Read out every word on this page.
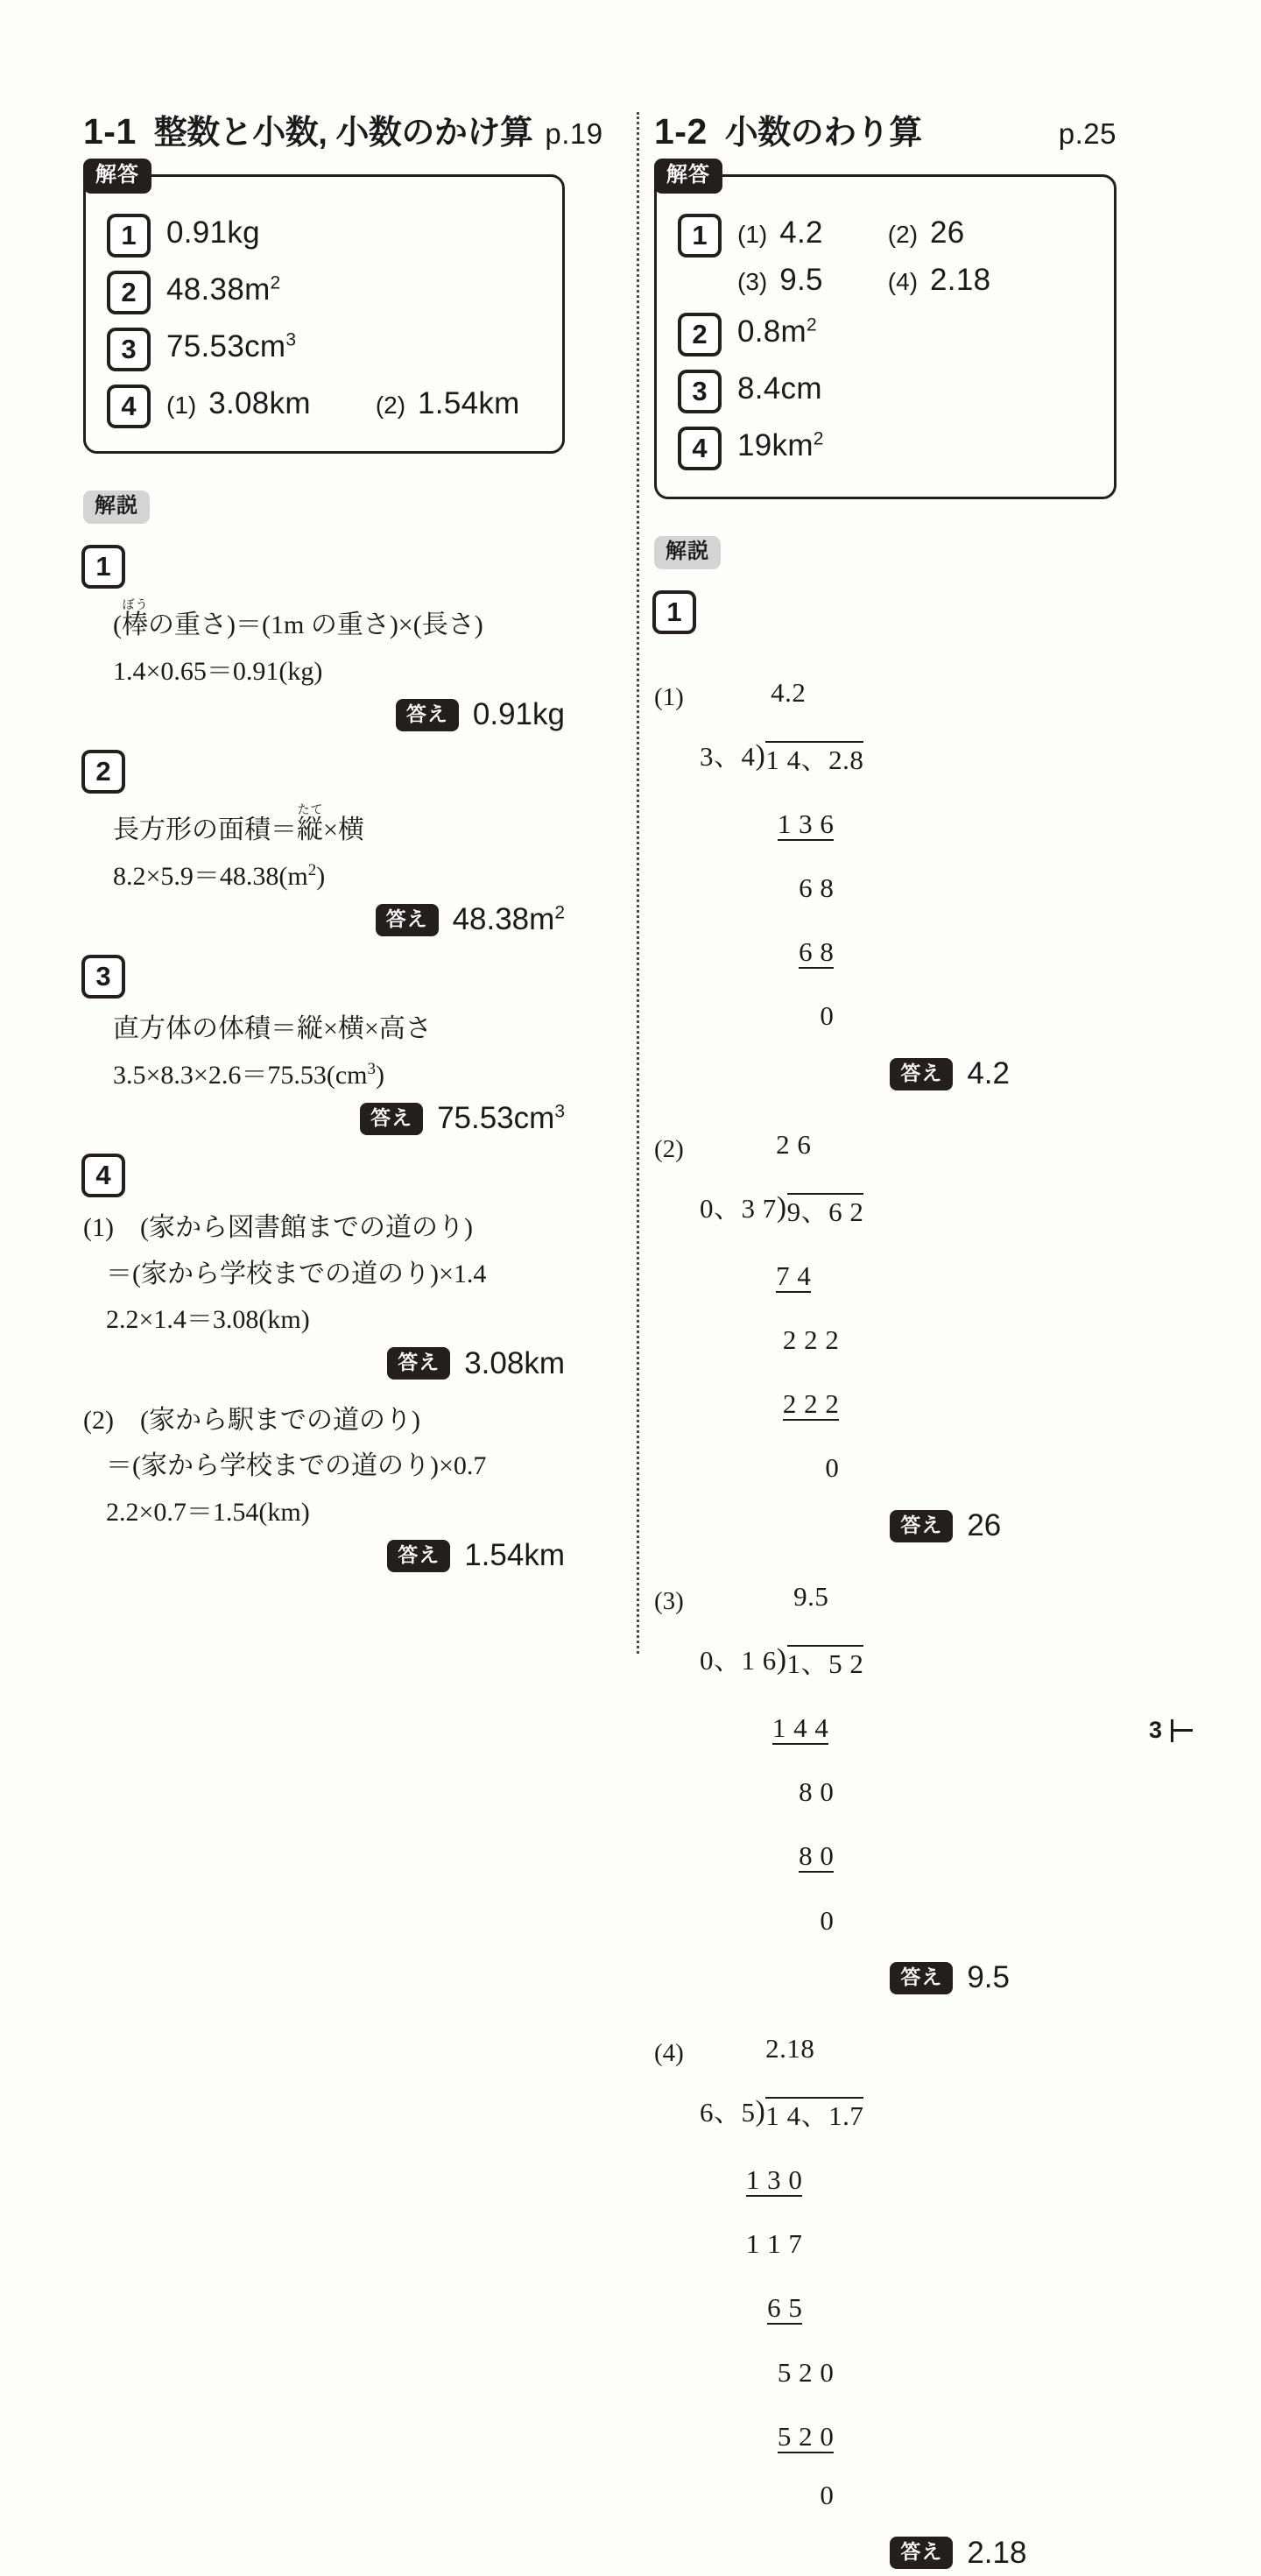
1-1 整数と小数, 小数のかけ算 p.19
解答
1 0.91kg
2 $48.38m^2$
3 $75.53cm^3$
4	(1) 3.08km	(2) 1.54km
解説
1
(棒ぼうの重さ)＝(1m の重さ)×(長さ)
1.4×0.65＝0.91(kg)
答え 0.91kg
2
長方形の面積＝縦たて×横
$8.2\times 5.9=48.38(m^2)$
答え $48.38m^2$
3
直方体の体積＝縦×横×高さ
$3.5\times 8.3\times 2.6=75.53(cm^3)$
答え $75.53cm^3$
4
(1)　 (家から図書館までの道のり)
＝(家から学校までの道のり)×1.4
2.2×1.4＝3.08(km)
答え 3.08km
(2)　 (家から駅までの道のり)
＝(家から学校までの道のり)×0.7
2.2×0.7＝1.54(km)
答え 1.54km
1-2 小数のわり算	p.25
解答
1	(1) 4.2	(2) 26
(3) 9.5	(4) 2.18
2 $0.8m^2$
3 8.4cm
4 $19km^2$
解説
1
(1)	4.2

3、4 ) 1 4、2.8

1 3 6

6 8

6 8

0

答え 4.2
(2)	2 6

0、3 7 ) 9、6 2

7 4

2 2 2

2 2 2

0

答え 26
(3)	9.5

0、1 6 ) 1、5 2

1 4 4

8 0

8 0

0

答え 9.5
(4)	2.18

6、5 ) 1 4、1.7

1 3 0

1 1 7

6 5

5 2 0

5 2 0

0

答え 2.18
3
